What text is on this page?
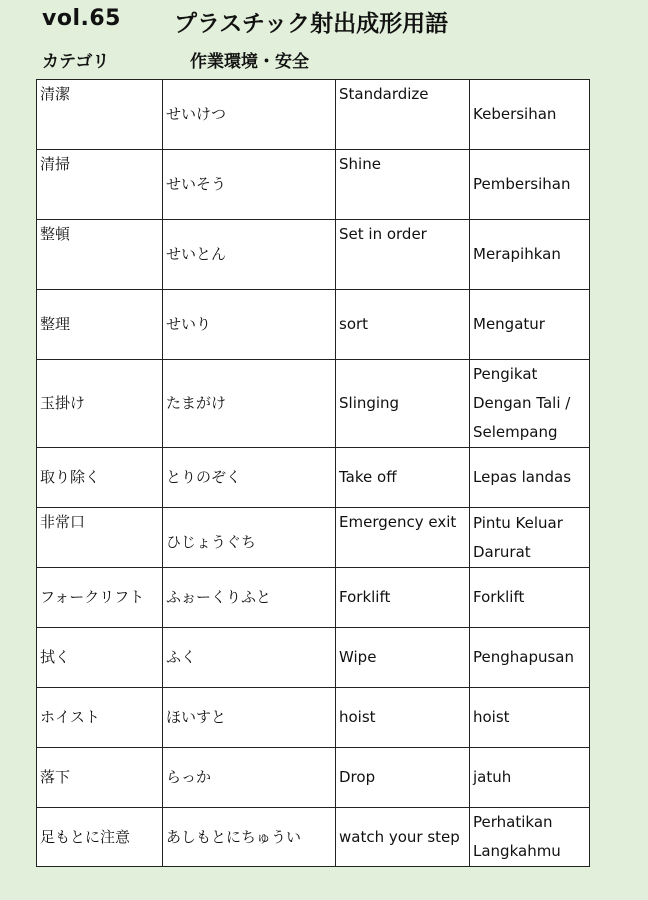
vol.65 プラスチック射出成形用語
カテゴリ	作業環境・安全
清潔	せいけつ	Standardize	Kebersihan
清掃	せいそう	Shine	Pembersihan
整頓	せいとん	Set in order	Merapihkan
整理	せいり	sort	Mengatur
玉掛け	たまがけ	Slinging	Pengikat Dengan Tali / Selempang
取り除く	とりのぞく	Take off	Lepas landas
非常口	ひじょうぐち	Emergency exit	Pintu Keluar Darurat
フォークリフト	ふぉーくりふと	Forklift	Forklift
拭く	ふく	Wipe	Penghapusan
ホイスト	ほいすと	hoist	hoist
落下	らっか	Drop	jatuh
足もとに注意	あしもとにちゅうい	watch your step	Perhatikan Langkahmu
